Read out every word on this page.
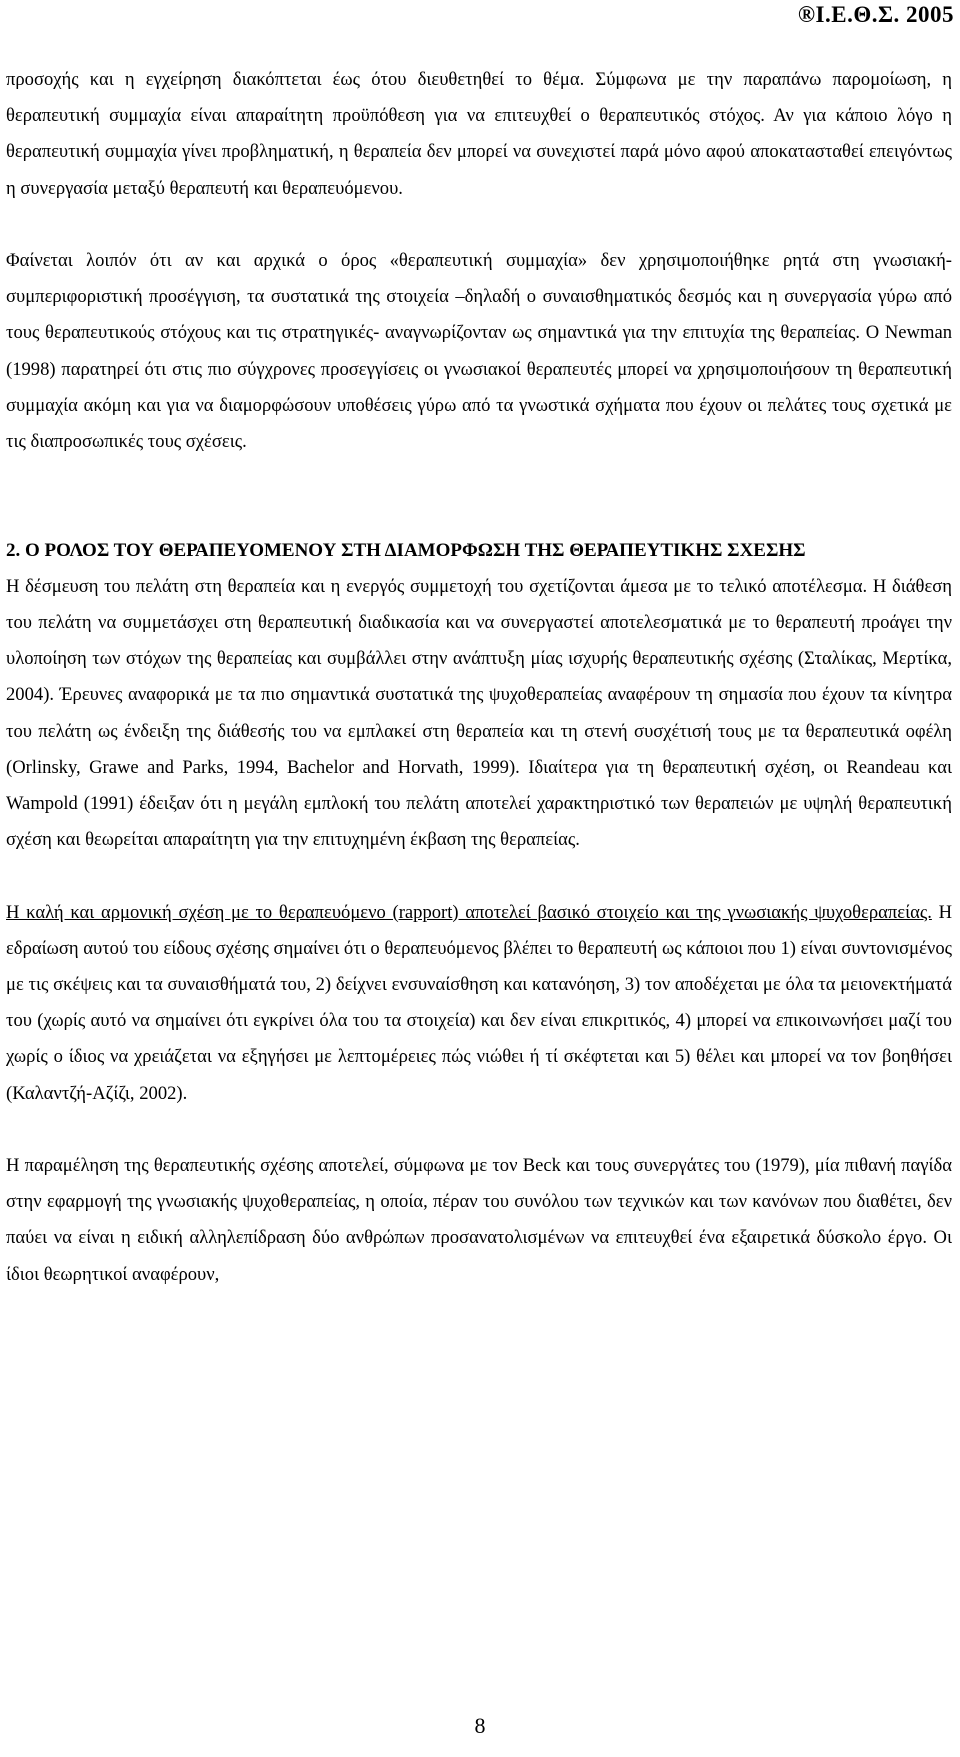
®Ι.Ε.Θ.Σ. 2005

προσοχής και η εγχείρηση διακόπτεται έως ότου διευθετηθεί το θέμα. Σύμφωνα με την παραπάνω παρομοίωση, η θεραπευτική συμμαχία είναι απαραίτητη προϋπόθεση για να επιτευχθεί ο θεραπευτικός στόχος. Αν για κάποιο λόγο η θεραπευτική συμμαχία γίνει προβληματική, η θεραπεία δεν μπορεί να συνεχιστεί παρά μόνο αφού αποκατασταθεί επειγόντως η συνεργασία μεταξύ θεραπευτή και θεραπευόμενου.

Φαίνεται λοιπόν ότι αν και αρχικά ο όρος «θεραπευτική συμμαχία» δεν χρησιμοποιήθηκε ρητά στη γνωσιακή-συμπεριφοριστική προσέγγιση, τα συστατικά της στοιχεία –δηλαδή ο συναισθηματικός δεσμός και η συνεργασία γύρω από τους θεραπευτικούς στόχους και τις στρατηγικές- αναγνωρίζονταν ως σημαντικά για την επιτυχία της θεραπείας. Ο Newman (1998) παρατηρεί ότι στις πιο σύγχρονες προσεγγίσεις οι γνωσιακοί θεραπευτές μπορεί να χρησιμοποιήσουν τη θεραπευτική συμμαχία ακόμη και για να διαμορφώσουν υποθέσεις γύρω από τα γνωστικά σχήματα που έχουν οι πελάτες τους σχετικά με τις διαπροσωπικές τους σχέσεις.

2. Ο ΡΟΛΟΣ ΤΟΥ ΘΕΡΑΠΕΥΟΜΕΝΟΥ ΣΤΗ ΔΙΑΜΟΡΦΩΣΗ ΤΗΣ ΘΕΡΑΠΕΥΤΙΚΗΣ ΣΧΕΣΗΣ

Η δέσμευση του πελάτη στη θεραπεία και η ενεργός συμμετοχή του σχετίζονται άμεσα με το τελικό αποτέλεσμα. Η διάθεση του πελάτη να συμμετάσχει στη θεραπευτική διαδικασία και να συνεργαστεί αποτελεσματικά με το θεραπευτή προάγει την υλοποίηση των στόχων της θεραπείας και συμβάλλει στην ανάπτυξη μίας ισχυρής θεραπευτικής σχέσης (Σταλίκας, Μερτίκα, 2004). Έρευνες αναφορικά με τα πιο σημαντικά συστατικά της ψυχοθεραπείας αναφέρουν τη σημασία που έχουν τα κίνητρα του πελάτη ως ένδειξη της διάθεσής του να εμπλακεί στη θεραπεία και τη στενή συσχέτισή τους με τα θεραπευτικά οφέλη (Orlinsky, Grawe and Parks, 1994, Bachelor and Horvath, 1999). Ιδιαίτερα για τη θεραπευτική σχέση, οι Reandeau και Wampold (1991) έδειξαν ότι η μεγάλη εμπλοκή του πελάτη αποτελεί χαρακτηριστικό των θεραπειών με υψηλή θεραπευτική σχέση και θεωρείται απαραίτητη για την επιτυχημένη έκβαση της θεραπείας.

Η καλή και αρμονική σχέση με το θεραπευόμενο (rapport) αποτελεί βασικό στοιχείο και της γνωσιακής ψυχοθεραπείας. Η εδραίωση αυτού του είδους σχέσης σημαίνει ότι ο θεραπευόμενος βλέπει το θεραπευτή ως κάποιοι που 1) είναι συντονισμένος με τις σκέψεις και τα συναισθήματά του, 2) δείχνει ενσυναίσθηση και κατανόηση, 3) τον αποδέχεται με όλα τα μειονεκτήματά του (χωρίς αυτό να σημαίνει ότι εγκρίνει όλα του τα στοιχεία) και δεν είναι επικριτικός, 4) μπορεί να επικοινωνήσει μαζί του χωρίς ο ίδιος να χρειάζεται να εξηγήσει με λεπτομέρειες πώς νιώθει ή τί σκέφτεται και 5) θέλει και μπορεί να τον βοηθήσει (Καλαντζή-Αζίζι, 2002).

Η παραμέληση της θεραπευτικής σχέσης αποτελεί, σύμφωνα με τον Beck και τους συνεργάτες του (1979), μία πιθανή παγίδα στην εφαρμογή της γνωσιακής ψυχοθεραπείας, η οποία, πέραν του συνόλου των τεχνικών και των κανόνων που διαθέτει, δεν παύει να είναι η ειδική αλληλεπίδραση δύο ανθρώπων προσανατολισμένων να επιτευχθεί ένα εξαιρετικά δύσκολο έργο. Οι ίδιοι θεωρητικοί αναφέρουν,

8
